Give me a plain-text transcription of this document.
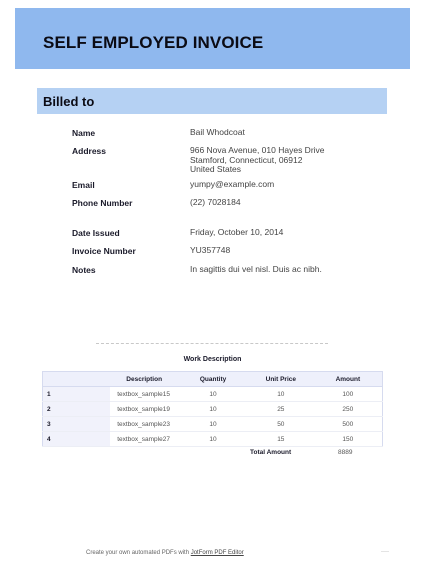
SELF EMPLOYED INVOICE
Billed to
Name	Bail Whodcoat
Address	966 Nova Avenue, 010 Hayes Drive
Stamford, Connecticut, 06912
United States
Email	yumpy@example.com
Phone Number	(22) 7028184
Date Issued	Friday, October 10, 2014
Invoice Number	YU357748
Notes	In sagittis dui vel nisl. Duis ac nibh.
Work Description
	Description	Quantity	Unit Price	Amount
1	textbox_sample15	10	10	100
2	textbox_sample19	10	25	250
3	textbox_sample23	10	50	500
4	textbox_sample27	10	15	150
Total Amount	8889
Create your own automated PDFs with JotForm PDF Editor	----
